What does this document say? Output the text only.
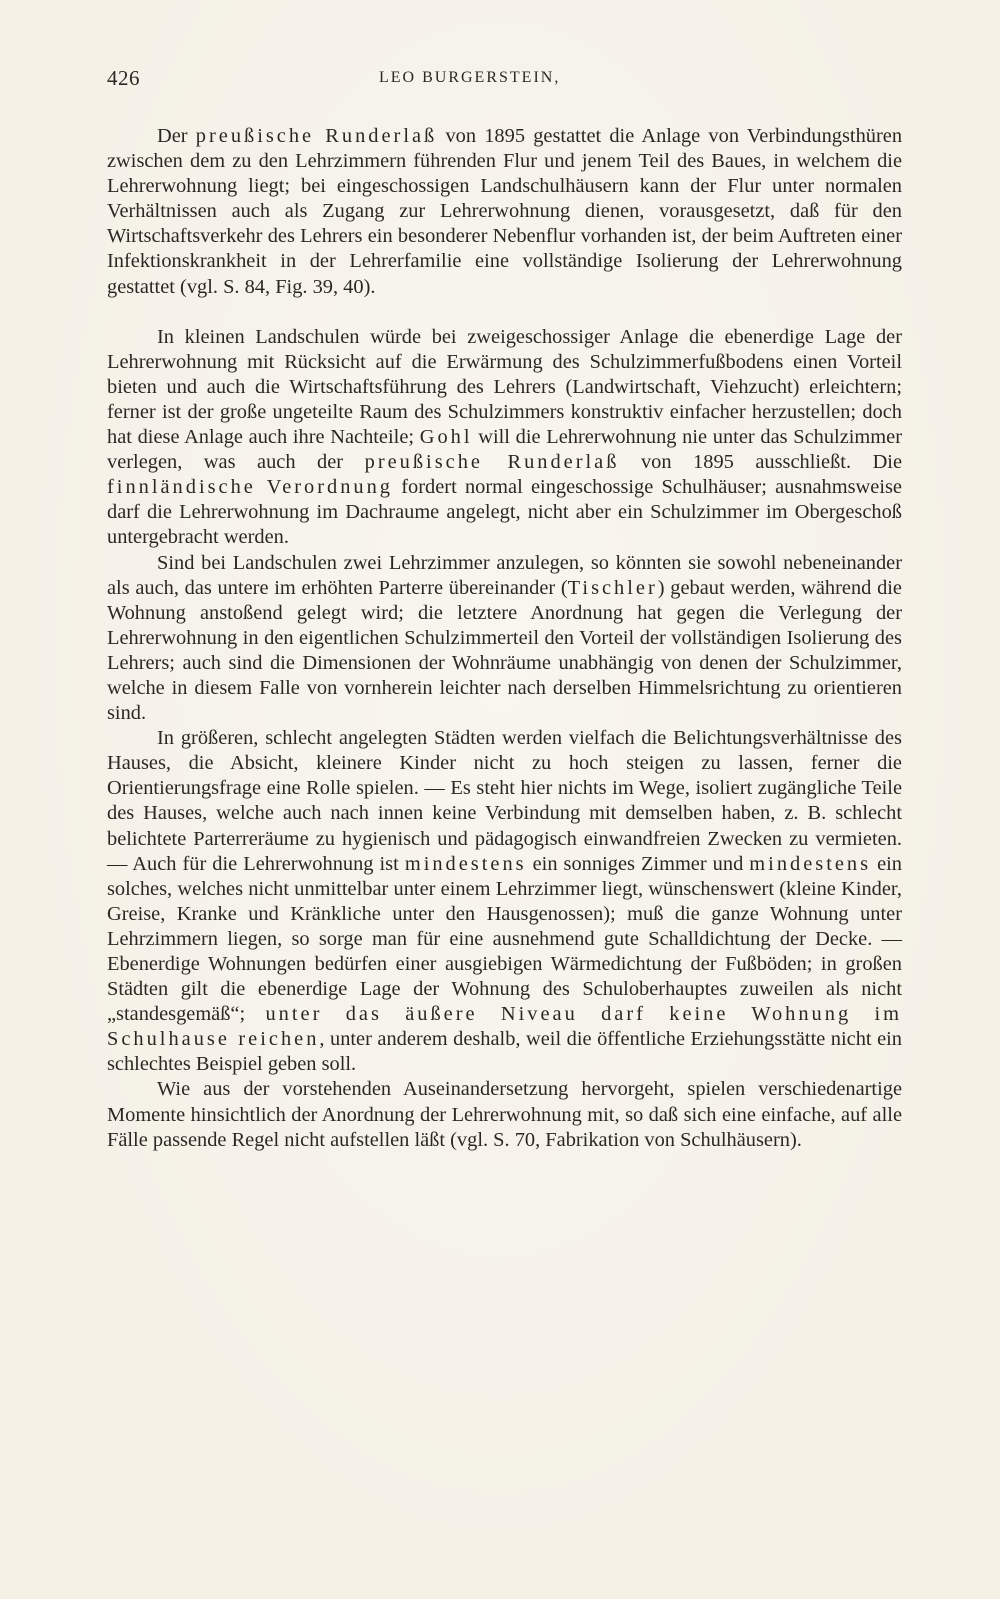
426	LEO BURGERSTEIN,

Der preußische Runderlaß von 1895 gestattet die Anlage von Verbindungsthüren zwischen dem zu den Lehrzimmern führenden Flur und jenem Teil des Baues, in welchem die Lehrerwohnung liegt; bei eingeschossigen Landschulhäusern kann der Flur unter normalen Verhältnissen auch als Zugang zur Lehrerwohnung dienen, vorausgesetzt, daß für den Wirtschaftsverkehr des Lehrers ein besonderer Nebenflur vorhanden ist, der beim Auftreten einer Infektionskrankheit in der Lehrerfamilie eine vollständige Isolierung der Lehrerwohnung gestattet (vgl. S. 84, Fig. 39, 40).

In kleinen Landschulen würde bei zweigeschossiger Anlage die ebenerdige Lage der Lehrerwohnung mit Rücksicht auf die Erwärmung des Schulzimmerfußbodens einen Vorteil bieten und auch die Wirtschaftsführung des Lehrers (Landwirtschaft, Viehzucht) erleichtern; ferner ist der große ungeteilte Raum des Schulzimmers konstruktiv einfacher herzustellen; doch hat diese Anlage auch ihre Nachteile; Gohl will die Lehrerwohnung nie unter das Schulzimmer verlegen, was auch der preußische Runderlaß von 1895 ausschließt. Die finnländische Verordnung fordert normal eingeschossige Schulhäuser; ausnahmsweise darf die Lehrerwohnung im Dachraume angelegt, nicht aber ein Schulzimmer im Obergeschoß untergebracht werden.

Sind bei Landschulen zwei Lehrzimmer anzulegen, so könnten sie sowohl nebeneinander als auch, das untere im erhöhten Parterre übereinander (Tischler) gebaut werden, während die Wohnung anstoßend gelegt wird; die letztere Anordnung hat gegen die Verlegung der Lehrerwohnung in den eigentlichen Schulzimmerteil den Vorteil der vollständigen Isolierung des Lehrers; auch sind die Dimensionen der Wohnräume unabhängig von denen der Schulzimmer, welche in diesem Falle von vornherein leichter nach derselben Himmelsrichtung zu orientieren sind.

In größeren, schlecht angelegten Städten werden vielfach die Belichtungsverhältnisse des Hauses, die Absicht, kleinere Kinder nicht zu hoch steigen zu lassen, ferner die Orientierungsfrage eine Rolle spielen. — Es steht hier nichts im Wege, isoliert zugängliche Teile des Hauses, welche auch nach innen keine Verbindung mit demselben haben, z. B. schlecht belichtete Parterreräume zu hygienisch und pädagogisch einwandfreien Zwecken zu vermieten. — Auch für die Lehrerwohnung ist mindestens ein sonniges Zimmer und mindestens ein solches, welches nicht unmittelbar unter einem Lehrzimmer liegt, wünschenswert (kleine Kinder, Greise, Kranke und Kränkliche unter den Hausgenossen); muß die ganze Wohnung unter Lehrzimmern liegen, so sorge man für eine ausnehmend gute Schalldichtung der Decke. — Ebenerdige Wohnungen bedürfen einer ausgiebigen Wärmedichtung der Fußböden; in großen Städten gilt die ebenerdige Lage der Wohnung des Schuloberhauptes zuweilen als nicht „standesgemäß“; unter das äußere Niveau darf keine Wohnung im Schulhause reichen, unter anderem deshalb, weil die öffentliche Erziehungsstätte nicht ein schlechtes Beispiel geben soll.

Wie aus der vorstehenden Auseinandersetzung hervorgeht, spielen verschiedenartige Momente hinsichtlich der Anordnung der Lehrerwohnung mit, so daß sich eine einfache, auf alle Fälle passende Regel nicht aufstellen läßt (vgl. S. 70, Fabrikation von Schulhäusern).
